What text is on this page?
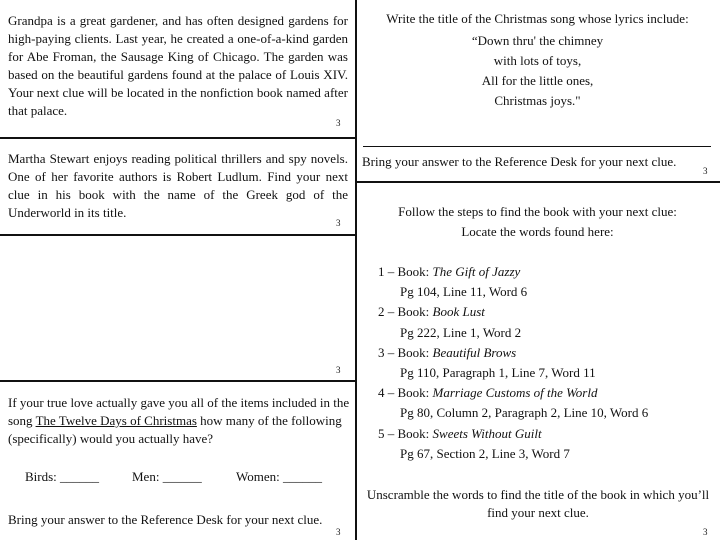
Grandpa is a great gardener, and has often designed gardens for high-paying clients. Last year, he created a one-of-a-kind garden for Abe Froman, the Sausage King of Chicago. The garden was based on the beautiful gardens found at the palace of Louis XIV. Your next clue will be located in the nonfiction book named after that palace.
3
Write the title of the Christmas song whose lyrics include:
“Down thru' the chimney
with lots of toys,
All for the little ones,
Christmas joys."
Bring your answer to the Reference Desk for your next clue.
3
Martha Stewart enjoys reading political thrillers and spy novels. One of her favorite authors is Robert Ludlum. Find your next clue in his book with the name of the Greek god of the Underworld in its title.
3
Follow the steps to find the book with your next clue:
Locate the words found here:
1 – Book: The Gift of Jazzy
Pg 104, Line 11, Word 6
2 – Book: Book Lust
Pg 222, Line 1, Word 2
3 – Book: Beautiful Brows
Pg 110, Paragraph 1, Line 7, Word 11
4 – Book: Marriage Customs of the World
Pg 80, Column 2, Paragraph 2, Line 10, Word 6
5 – Book: Sweets Without Guilt
Pg 67, Section 2, Line 3, Word 7
3
If your true love actually gave you all of the items included in the song The Twelve Days of Christmas how many of the following (specifically) would you actually have?
Birds: ______	Men: ______	Women: ______
Bring your answer to the Reference Desk for your next clue.
3
Unscramble the words to find the title of the book in which you’ll find your next clue.
3
